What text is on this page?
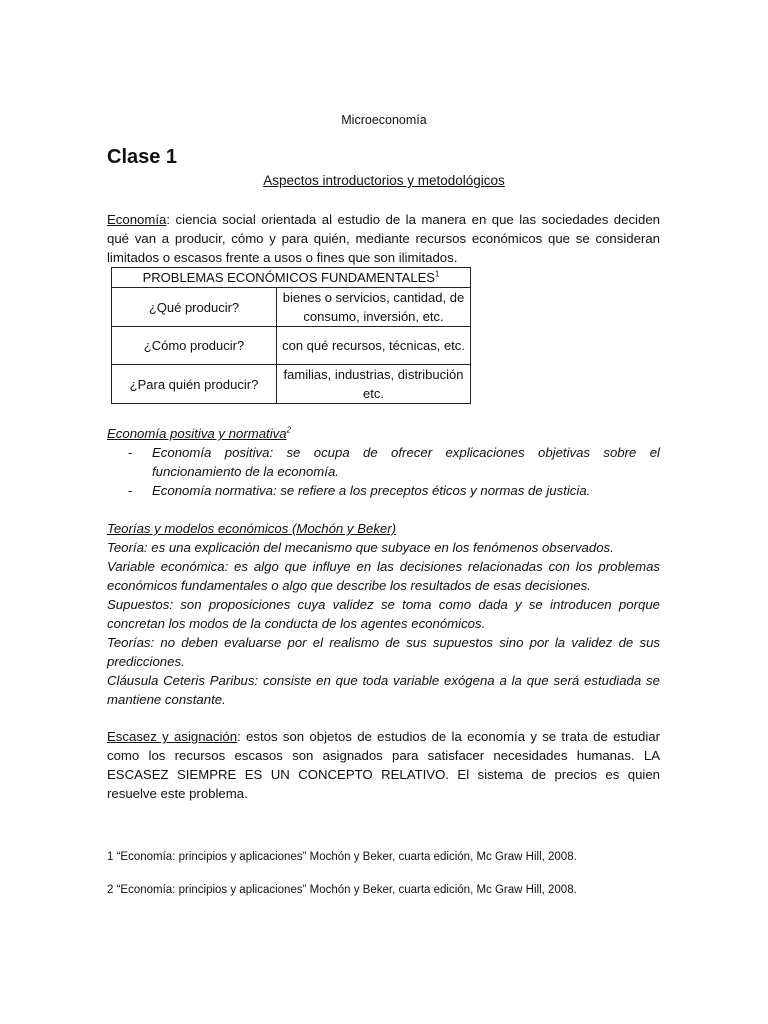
Microeconomía
Clase 1
Aspectos introductorios y metodológicos
Economía: ciencia social orientada al estudio de la manera en que las sociedades deciden qué van a producir, cómo y para quién, mediante recursos económicos que se consideran limitados o escasos frente a usos o fines que son ilimitados.
PROBLEMAS ECONÓMICOS FUNDAMENTALES$^1$
¿Qué producir?	bienes o servicios, cantidad, de consumo, inversión, etc.
¿Cómo producir?	con qué recursos, técnicas, etc.
¿Para quién producir?	familias, industrias, distribución etc.
Economía positiva y normativa$^2$
- Economía positiva: se ocupa de ofrecer explicaciones objetivas sobre el funcionamiento de la economía.
- Economía normativa: se refiere a los preceptos éticos y normas de justicia.
Teorías y modelos económicos (Mochón y Beker)
Teoría: es una explicación del mecanismo que subyace en los fenómenos observados.
Variable económica: es algo que influye en las decisiones relacionadas con los problemas económicos fundamentales o algo que describe los resultados de esas decisiones.
Supuestos: son proposiciones cuya validez se toma como dada y se introducen porque concretan los modos de la conducta de los agentes económicos.
Teorías: no deben evaluarse por el realismo de sus supuestos sino por la validez de sus predicciones.
Cláusula Ceteris Paribus: consiste en que toda variable exógena a la que será estudiada se mantiene constante.
Escasez y asignación: estos son objetos de estudios de la economía y se trata de estudiar como los recursos escasos son asignados para satisfacer necesidades humanas. LA ESCASEZ SIEMPRE ES UN CONCEPTO RELATIVO. El sistema de precios es quien resuelve este problema.
1 “Economía: principios y aplicaciones” Mochón y Beker, cuarta edición, Mc Graw Hill, 2008.
2 “Economía: principios y aplicaciones” Mochón y Beker, cuarta edición, Mc Graw Hill, 2008.
